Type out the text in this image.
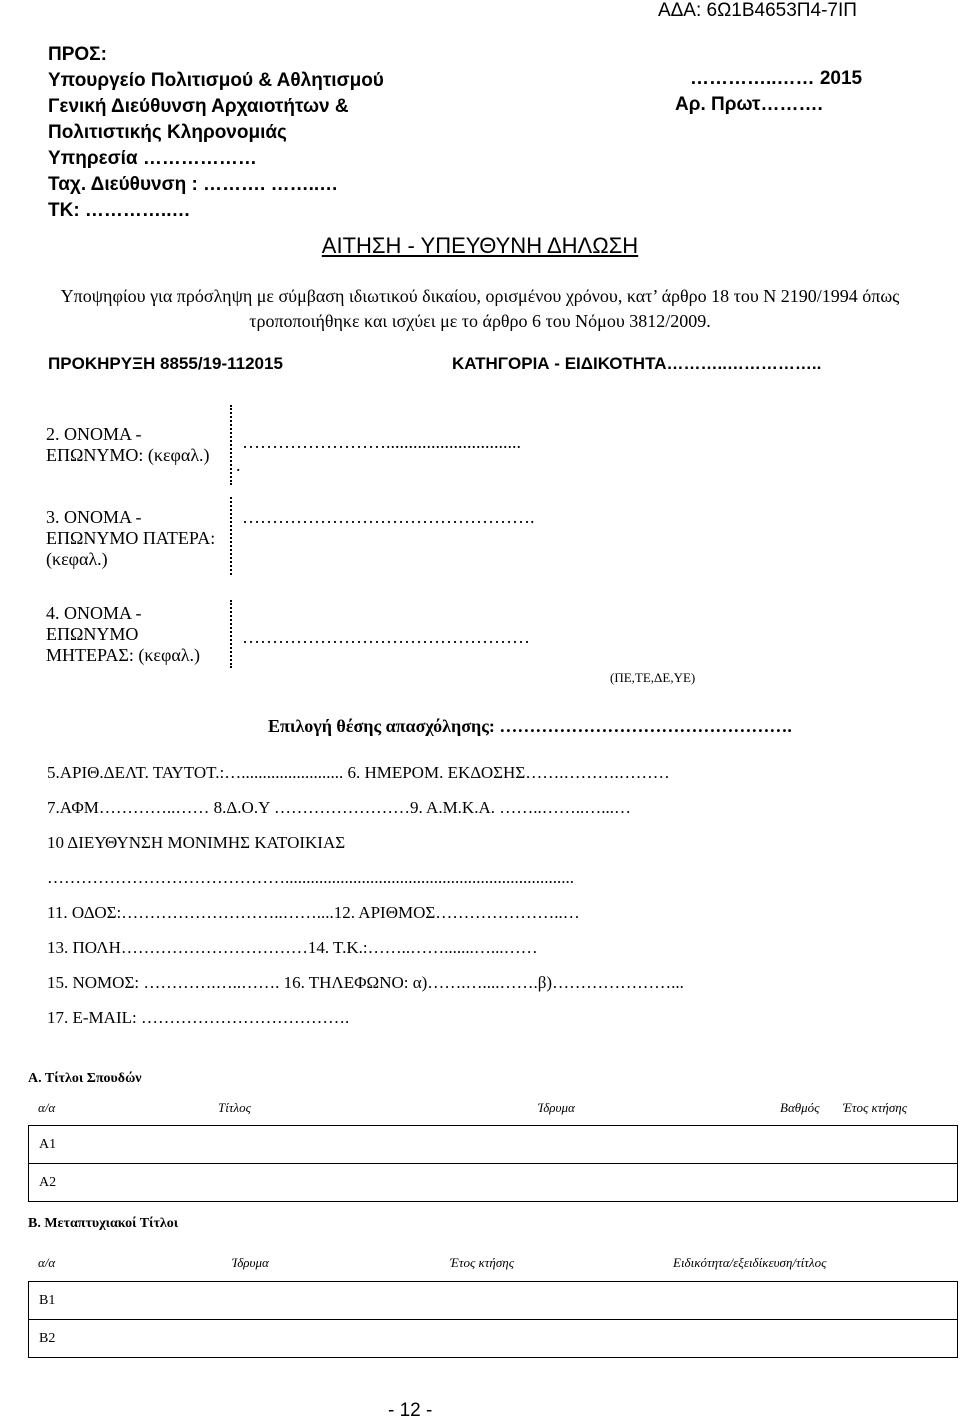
ΑΔΑ: 6Ω1Β4653Π4-7ΙΠ
ΠΡΟΣ:
Υπουργείο Πολιτισμού & Αθλητισμού
Γενική Διεύθυνση Αρχαιοτήτων &
Πολιτιστικής Κληρονομιάς
Υπηρεσία ………………
Ταχ. Διεύθυνση : ………. ……..…
ΤΚ: …………..…
…………..…… 2015
Αρ. Πρωτ……….
ΑΙΤΗΣΗ - ΥΠΕΥΘΥΝΗ ΔΗΛΩΣΗ
Υποψηφίου για πρόσληψη με σύμβαση ιδιωτικού δικαίου, ορισμένου χρόνου, κατ’ άρθρο 18 του Ν 2190/1994 όπως τροποποιήθηκε και ισχύει με το άρθρο 6 του Νόμου 3812/2009.
ΠΡΟΚΗΡΥΞΗ 8855/19-112015	ΚΑΤΗΓΟΡΙΑ - ΕΙΔΙΚΟΤΗΤΑ………..……………..
2. ΟΝΟΜΑ - ΕΠΩΝΥΜΟ: (κεφαλ.)
……………………..............................
.
3. ΟΝΟΜΑ - ΕΠΩΝΥΜΟ ΠΑΤΕΡΑ: (κεφαλ.)
………………………………………….
4. ΟΝΟΜΑ - ΕΠΩΝΥΜΟ ΜΗΤΕΡΑΣ: (κεφαλ.)
…………………………………………
(ΠΕ,ΤΕ,ΔΕ,ΥΕ)
Επιλογή θέσης απασχόλησης: ………………………………………….
5.ΑΡΙΘ.ΔΕΛΤ. ΤΑΥΤΟΤ.:…........................ 6. ΗΜΕΡΟΜ. ΕΚΔΟΣΗΣ…….……….………
7.ΑΦΜ…………..…… 8.Δ.Ο.Υ ……………………9. Α.Μ.Κ.Α. ……..……..…...…
10 ΔΙΕΥΘΥΝΣΗ ΜΟΝΙΜΗΣ ΚΑΤΟΙΚΙΑΣ
……………………………………....................................................................
11. ΟΔΟΣ:………………………..……....12. ΑΡΙΘΜΟΣ…………………..…
13. ΠΟΛΗ……………………………14. Τ.Κ.:……..…….......…...……
15. ΝΟΜΟΣ: ………….…..……. 16. ΤΗΛΕΦΩΝΟ: α)…….…....…….β)…………………...
17. E-MAIL: ……………………………….
Α. Τίτλοι Σπουδών
α/α	Τίτλος	Ίδρυμα	Βαθμός Έτος κτήσης
Α1
Α2
Β. Μεταπτυχιακοί Τίτλοι
α/α	Ίδρυμα	Έτος κτήσης	Ειδικότητα/εξειδίκευση/τίτλος
Β1
Β2
- 12 -
